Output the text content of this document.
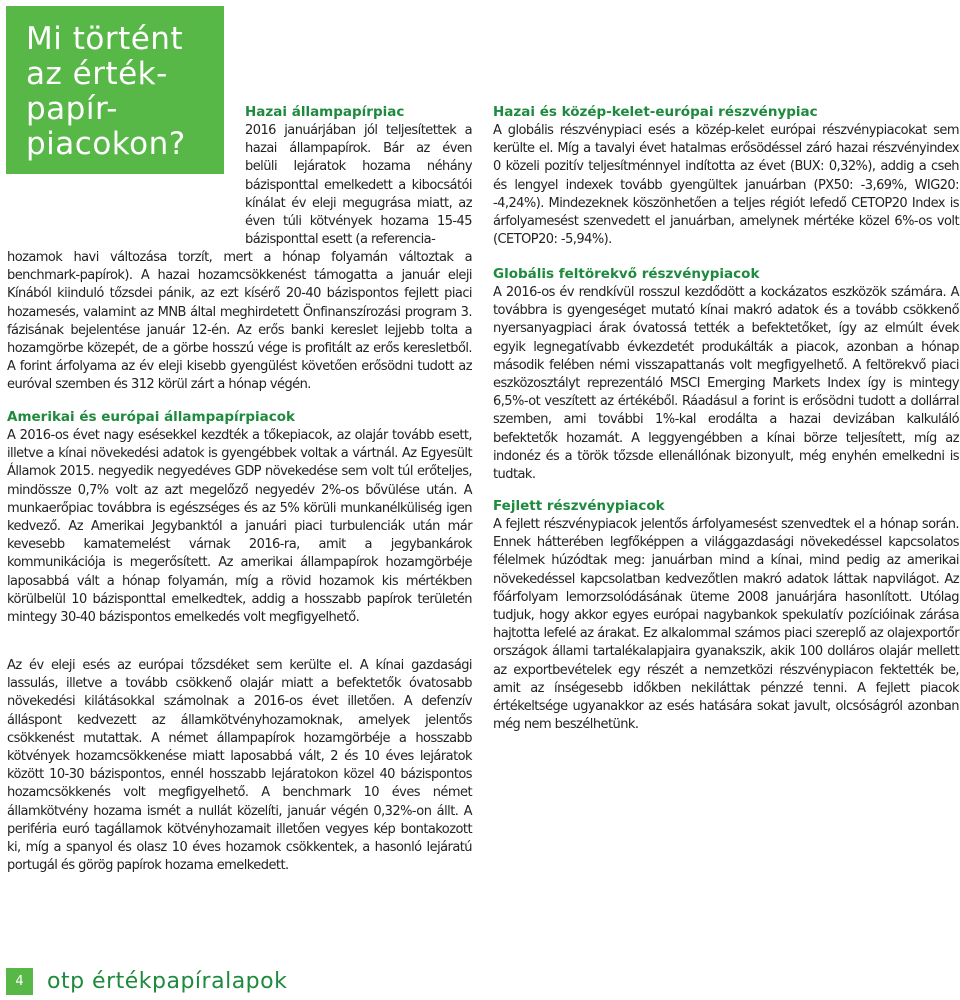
Mi történt
az érték-
papír-
piacokon?
Hazai állampapírpiac

2016 januárjában jól teljesítettek a hazai állampapírok. Bár az éven belüli lejáratok hozama néhány bázisponttal emelkedett a kibocsátói kínálat év eleji megugrása miatt, az éven túli kötvények hozama 15-45 bázisponttal esett (a referencia-

hozamok havi változása torzít, mert a hónap folyamán változtak a benchmark-papírok). A hazai hozamcsökkenést támogatta a január eleji Kínából kiinduló tőzsdei pánik, az ezt kísérő 20-40 bázispontos fejlett piaci hozamesés, valamint az MNB által meghirdetett Önfinanszírozási program 3. fázisának bejelentése január 12-én. Az erős banki kereslet lejjebb tolta a hozamgörbe közepét, de a görbe hosszú vége is profitált az erős keresletből. A forint árfolyama az év eleji kisebb gyengülést követően erősödni tudott az euróval szemben és 312 körül zárt a hónap végén.

Amerikai és európai állampapírpiacok

A 2016-os évet nagy esésekkel kezdték a tőkepiacok, az olajár tovább esett, illetve a kínai növekedési adatok is gyengébbek voltak a vártnál. Az Egyesült Államok 2015. negyedik negyedéves GDP növekedése sem volt túl erőteljes, mindössze 0,7% volt az azt megelőző negyedév 2%-os bővülése után. A munkaerőpiac továbbra is egészséges és az 5% körüli munkanélküliség igen kedvező. Az Amerikai Jegybanktól a januári piaci turbulenciák után már kevesebb kamatemelést várnak 2016-ra, amit a jegybankárok kommunikációja is megerősített. Az amerikai állampapírok hozamgörbéje laposabbá vált a hónap folyamán, míg a rövid hozamok kis mértékben körülbelül 10 bázisponttal emelkedtek, addig a hosszabb papírok területén mintegy 30-40 bázispontos emelkedés volt megfigyelhető.

Az év eleji esés az európai tőzsdéket sem kerülte el. A kínai gazdasági lassulás, illetve a tovább csökkenő olajár miatt a befektetők óvatosabb növekedési kilátásokkal számolnak a 2016-os évet illetően. A defenzív álláspont kedvezett az államkötvényhozamoknak, amelyek jelentős csökkenést mutattak. A német állampapírok hozamgörbéje a hosszabb kötvények hozamcsökkenése miatt laposabbá vált, 2 és 10 éves lejáratok között 10-30 bázispontos, ennél hosszabb lejáratokon közel 40 bázispontos hozamcsökkenés volt megfigyelhető. A benchmark 10 éves német államkötvény hozama ismét a nullát közelíti, január végén 0,32%-on állt. A periféria euró tagállamok kötvényhozamait illetően vegyes kép bontakozott ki, míg a spanyol és olasz 10 éves hozamok csökkentek, a hasonló lejáratú portugál és görög papírok hozama emelkedett.

Hazai és közép-kelet-európai részvénypiac

A globális részvénypiaci esés a közép-kelet európai részvénypiacokat sem kerülte el. Míg a tavalyi évet hatalmas erősödéssel záró hazai részvényindex 0 közeli pozitív teljesítménnyel indította az évet (BUX: 0,32%), addig a cseh és lengyel indexek tovább gyengültek januárban (PX50: -3,69%, WIG20: -4,24%). Mindezeknek köszönhetően a teljes régiót lefedő CETOP20 Index is árfolyamesést szenvedett el januárban, amelynek mértéke közel 6%-os volt (CETOP20: -5,94%).

Globális feltörekvő részvénypiacok

A 2016-os év rendkívül rosszul kezdődött a kockázatos eszközök számára. A továbbra is gyengeséget mutató kínai makró adatok és a tovább csökkenő nyersanyagpiaci árak óvatossá tették a befektetőket, így az elmúlt évek egyik legnegatívabb évkezdetét produkálták a piacok, azonban a hónap második felében némi visszapattanás volt megfigyelhető. A feltörekvő piaci eszközosztályt reprezentáló MSCI Emerging Markets Index így is mintegy 6,5%-ot veszített az értékéből. Ráadásul a forint is erősödni tudott a dollárral szemben, ami további 1%-kal erodálta a hazai devizában kalkuláló befektetők hozamát. A leggyengébben a kínai börze teljesített, míg az indonéz és a török tőzsde ellenállónak bizonyult, még enyhén emelkedni is tudtak.

Fejlett részvénypiacok

A fejlett részvénypiacok jelentős árfolyamesést szenvedtek el a hónap során. Ennek hátterében legfőképpen a világgazdasági növekedéssel kapcsolatos félelmek húzódtak meg: januárban mind a kínai, mind pedig az amerikai növekedéssel kapcsolatban kedvezőtlen makró adatok láttak napvilágot. Az főárfolyam lemorzsolódásának üteme 2008 januárjára hasonlított. Utólag tudjuk, hogy akkor egyes európai nagybankok spekulatív pozícióinak zárása hajtotta lefelé az árakat. Ez alkalommal számos piaci szereplő az olajexportőr országok állami tartalékalapjaira gyanakszik, akik 100 dolláros olajár mellett az exportbevételek egy részét a nemzetközi részvénypiacon fektették be, amit az ínségesebb időkben nekiláttak pénzzé tenni. A fejlett piacok értékeltsége ugyanakkor az esés hatására sokat javult, olcsóságról azonban még nem beszélhetünk.

4	otp értékpapíralapok
